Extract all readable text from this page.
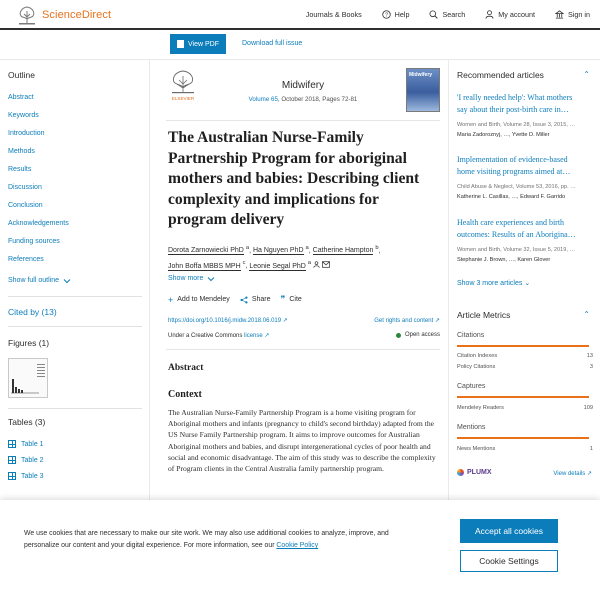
ScienceDirect	Journals & Books	? Help	Search	My account	Sign in
View PDF	Download full issue
Outline
Abstract
Keywords
Introduction
Methods
Results
Discussion
Conclusion
Acknowledgements
Funding sources
References
Show full outline
Cited by (13)
Figures (1)
Tables (3)
Table 1
Table 2
Table 3
ELSEVIER
Midwifery
Volume 65, October 2018, Pages 72-81
Midwifery
The Australian Nurse-Family Partnership Program for aboriginal mothers and babies: Describing client complexity and implications for program delivery
Dorota Zarnowiecki PhD $^a$, Ha Nguyen PhD $^a$, Catherine Hampton $^b$,
John Boffa MBBS MPH $^c$, Leonie Segal PhD $^a$
Show more
+ Add to Mendeley	Share ❞ Cite
https://doi.org/10.1016/j.midw.2018.06.019 ↗	Get rights and content ↗
Under a Creative Commons license ↗	Open access
Abstract
Context

The Australian Nurse-Family Partnership Program is a home visiting program for Aboriginal mothers and infants (pregnancy to child's second birthday) adapted from the US Nurse Family Partnership program. It aims to improve outcomes for Australian Aboriginal mothers and babies, and disrupt intergenerational cycles of poor health and social and economic disadvantage. The aim of this study was to describe the complexity of Program clients in the Central Australia family partnership program.

Recommended articles	⌃
'I really needed help': What mothers
say about their post-birth care in…
Women and Birth, Volume 28, Issue 3, 2015, …
Maria Zadoroznyj, …, Yvette D. Miller
Implementation of evidence-based
home visiting programs aimed at…
Child Abuse & Neglect, Volume 53, 2016, pp. …
Katherine L. Casillas, …, Edward F. Garrido
Health care experiences and birth
outcomes: Results of an Aborigina…
Women and Birth, Volume 32, Issue 5, 2019, …
Stephanie J. Brown, …, Karen Glover
Show 3 more articles ⌄
Article Metrics	⌃
Citations
Citation Indexes	13
Policy Citations	3
Captures
Mendeley Readers	109
Mentions
News Mentions	1
PLUMX	View details ↗
We use cookies that are necessary to make our site work. We may also use additional cookies to analyze, improve, and personalize our content and your digital experience. For more information, see our Cookie Policy
Accept all cookies
Cookie Settings
